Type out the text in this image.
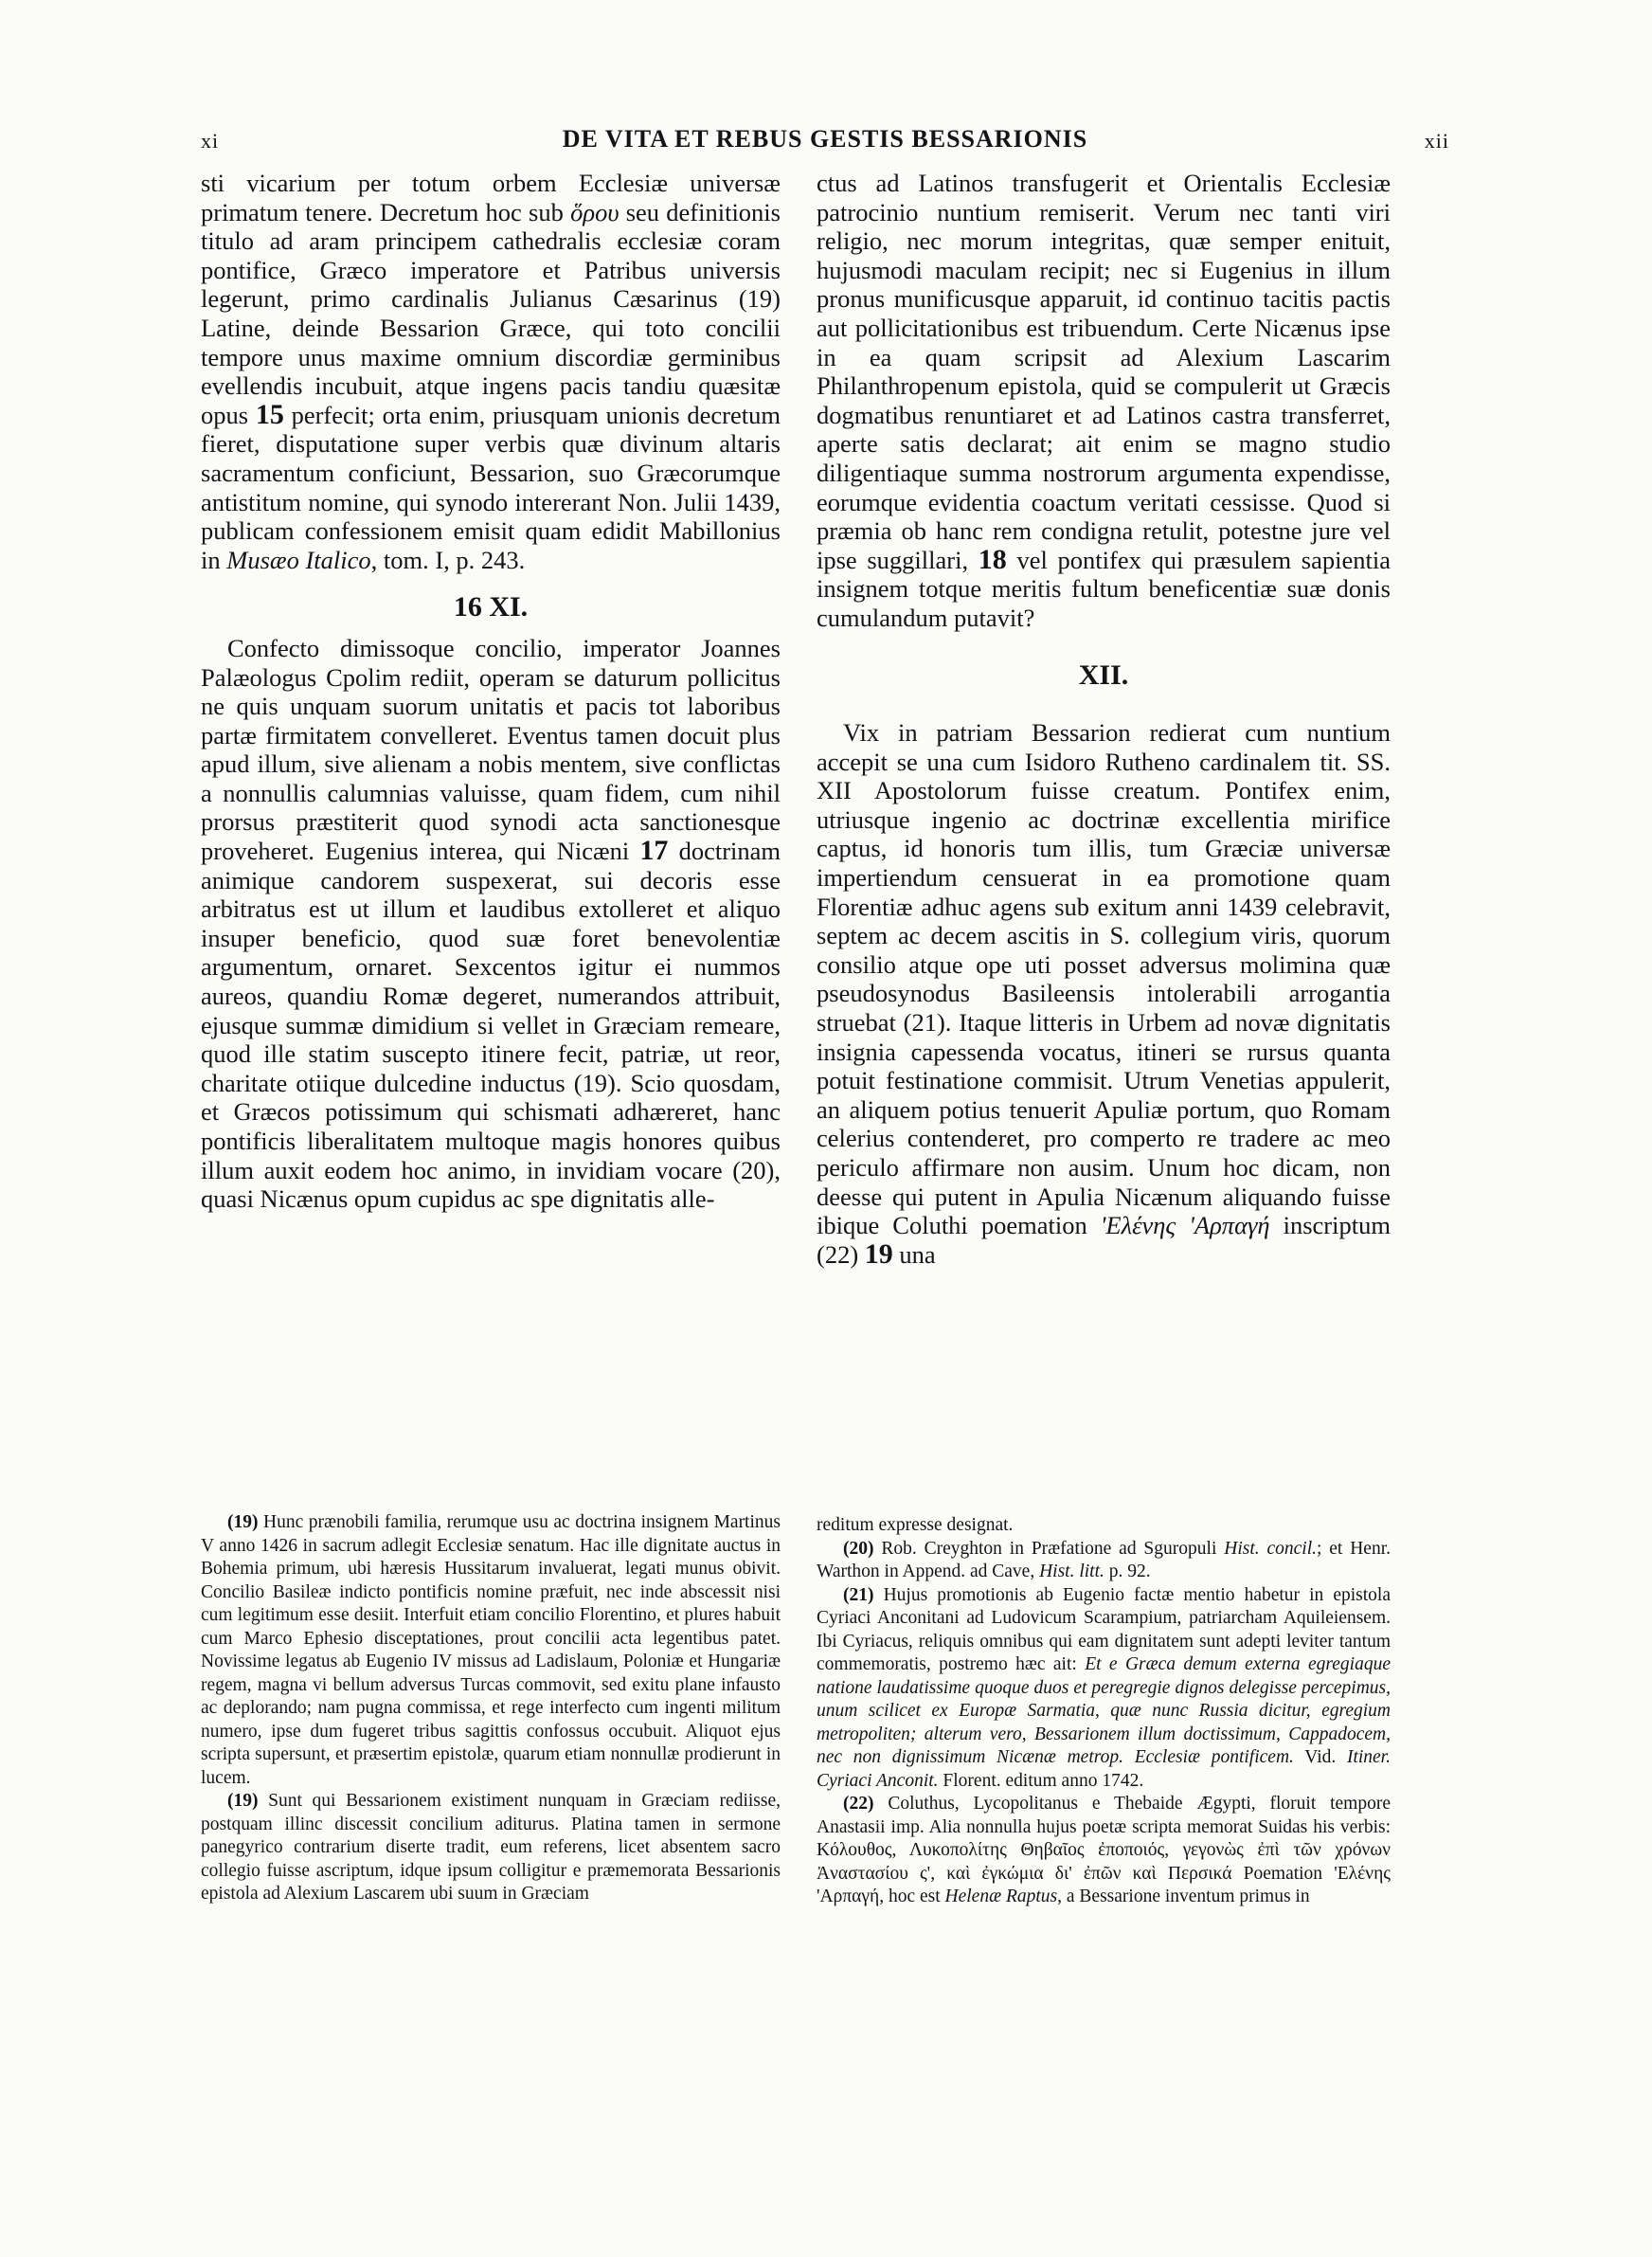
xi	DE VITA ET REBUS GESTIS BESSARIONIS	xii

sti vicarium per totum orbem Ecclesiæ universæ primatum tenere. Decretum hoc sub ὅρου seu definitionis titulo ad aram principem cathedralis ecclesiæ coram pontifice, Græco imperatore et Patribus universis legerunt, primo cardinalis Julianus Cæsarinus (19) Latine, deinde Bessarion Græce, qui toto concilii tempore unus maxime omnium discordiæ germinibus evellendis incubuit, atque ingens pacis tandiu quæsitæ opus 15 perfecit; orta enim, priusquam unionis decretum fieret, disputatione super verbis quæ divinum altaris sacramentum conficiunt, Bessarion, suo Græcorumque antistitum nomine, qui synodo intererant Non. Julii 1439, publicam confessionem emisit quam edidit Mabillonius in Musæo Italico, tom. I, p. 243.

16 XI.

Confecto dimissoque concilio, imperator Joannes Palæologus Cpolim rediit, operam se daturum pollicitus ne quis unquam suorum unitatis et pacis tot laboribus partæ firmitatem convelleret. Eventus tamen docuit plus apud illum, sive alienam a nobis mentem, sive conflictas a nonnullis calumnias valuisse, quam fidem, cum nihil prorsus præstiterit quod synodi acta sanctionesque proveheret. Eugenius interea, qui Nicæni 17 doctrinam animique candorem suspexerat, sui decoris esse arbitratus est ut illum et laudibus extolleret et aliquo insuper beneficio, quod suæ foret benevolentiæ argumentum, ornaret. Sexcentos igitur ei nummos aureos, quandiu Romæ degeret, numerandos attribuit, ejusque summæ dimidium si vellet in Græciam remeare, quod ille statim suscepto itinere fecit, patriæ, ut reor, charitate otiique dulcedine inductus (19). Scio quosdam, et Græcos potissimum qui schismati adhæreret, hanc pontificis liberalitatem multoque magis honores quibus illum auxit eodem hoc animo, in invidiam vocare (20), quasi Nicænus opum cupidus ac spe dignitatis alle-

ctus ad Latinos transfugerit et Orientalis Ecclesiæ patrocinio nuntium remiserit. Verum nec tanti viri religio, nec morum integritas, quæ semper enituit, hujusmodi maculam recipit; nec si Eugenius in illum pronus munificusque apparuit, id continuo tacitis pactis aut pollicitationibus est tribuendum. Certe Nicænus ipse in ea quam scripsit ad Alexium Lascarim Philanthropenum epistola, quid se compulerit ut Græcis dogmatibus renuntiaret et ad Latinos castra transferret, aperte satis declarat; ait enim se magno studio diligentiaque summa nostrorum argumenta expendisse, eorumque evidentia coactum veritati cessisse. Quod si præmia ob hanc rem condigna retulit, potestne jure vel ipse suggillari, 18 vel pontifex qui præsulem sapientia insignem totque meritis fultum beneficentiæ suæ donis cumulandum putavit?

XII.

Vix in patriam Bessarion redierat cum nuntium accepit se una cum Isidoro Rutheno cardinalem tit. SS. XII Apostolorum fuisse creatum. Pontifex enim, utriusque ingenio ac doctrinæ excellentia mirifice captus, id honoris tum illis, tum Græciæ universæ impertiendum censuerat in ea promotione quam Florentiæ adhuc agens sub exitum anni 1439 celebravit, septem ac decem ascitis in S. collegium viris, quorum consilio atque ope uti posset adversus molimina quæ pseudosynodus Basileensis intolerabili arrogantia struebat (21). Itaque litteris in Urbem ad novæ dignitatis insignia capessenda vocatus, itineri se rursus quanta potuit festinatione commisit. Utrum Venetias appulerit, an aliquem potius tenuerit Apuliæ portum, quo Romam celerius contenderet, pro comperto re tradere ac meo periculo affirmare non ausim. Unum hoc dicam, non deesse qui putent in Apulia Nicænum aliquando fuisse ibique Coluthi poemation 'Ελένης 'Αρπαγή inscriptum (22) 19 una

(19) Hunc prænobili familia, rerumque usu ac doctrina insignem Martinus V anno 1426 in sacrum adlegit Ecclesiæ senatum. Hac ille dignitate auctus in Bohemia primum, ubi hæresis Hussitarum invaluerat, legati munus obivit. Concilio Basileæ indicto pontificis nomine præfuit, nec inde abscessit nisi cum legitimum esse desiit. Interfuit etiam concilio Florentino, et plures habuit cum Marco Ephesio disceptationes, prout concilii acta legentibus patet. Novissime legatus ab Eugenio IV missus ad Ladislaum, Poloniæ et Hungariæ regem, magna vi bellum adversus Turcas commovit, sed exitu plane infausto ac deplorando; nam pugna commissa, et rege interfecto cum ingenti militum numero, ipse dum fugeret tribus sagittis confossus occubuit. Aliquot ejus scripta supersunt, et præsertim epistolæ, quarum etiam nonnullæ prodierunt in lucem.

(19) Sunt qui Bessarionem existiment nunquam in Græciam rediisse, postquam illinc discessit concilium aditurus. Platina tamen in sermone panegyrico contrarium diserte tradit, eum referens, licet absentem sacro collegio fuisse ascriptum, idque ipsum colligitur e præmemorata Bessarionis epistola ad Alexium Lascarem ubi suum in Græciam

reditum expresse designat.

(20) Rob. Creyghton in Præfatione ad Sguropuli Hist. concil.; et Henr. Warthon in Append. ad Cave, Hist. litt. p. 92.

(21) Hujus promotionis ab Eugenio factæ mentio habetur in epistola Cyriaci Anconitani ad Ludovicum Scarampium, patriarcham Aquileiensem. Ibi Cyriacus, reliquis omnibus qui eam dignitatem sunt adepti leviter tantum commemoratis, postremo hæc ait: Et e Græca demum externa egregiaque natione laudatissime quoque duos et peregregie dignos delegisse percepimus, unum scilicet ex Europæ Sarmatia, quæ nunc Russia dicitur, egregium metropoliten; alterum vero, Bessarionem illum doctissimum, Cappadocem, nec non dignissimum Nicænæ metrop. Ecclesiæ pontificem. Vid. Itiner. Cyriaci Anconit. Florent. editum anno 1742.

(22) Coluthus, Lycopolitanus e Thebaide Ægypti, floruit tempore Anastasii imp. Alia nonnulla hujus poetæ scripta memorat Suidas his verbis: Κόλουθος, Λυκοπολίτης Θηβαῖος ἐποποιός, γεγονὼς ἐπὶ τῶν χρόνων Ἀναστασίου ς', καὶ ἐγκώμια δι' ἐπῶν καὶ Περσικά Poemation 'Ελένης 'Αρπαγή, hoc est Helenæ Raptus, a Bessarione inventum primus in
